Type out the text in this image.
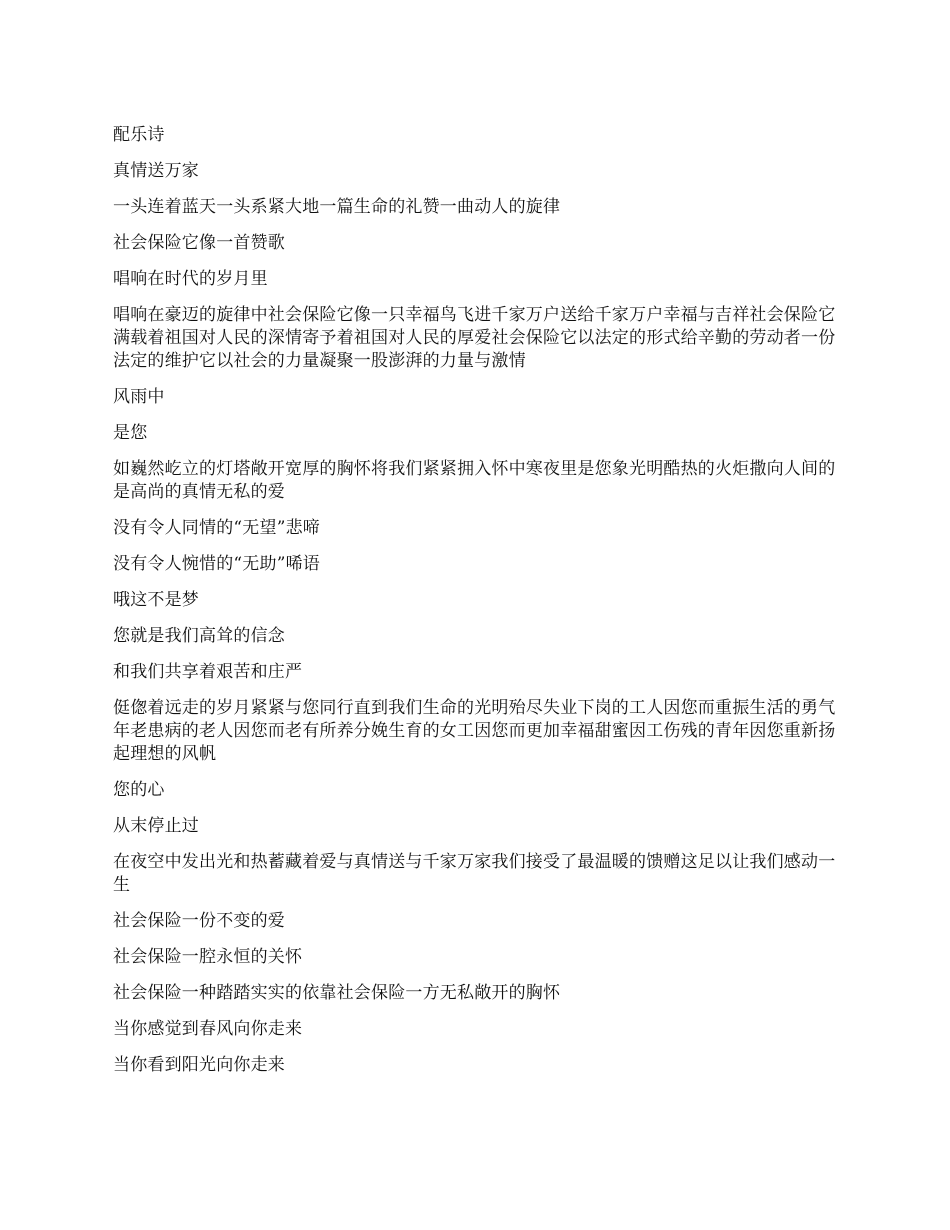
配乐诗

真情送万家

一头连着蓝天一头系紧大地一篇生命的礼赞一曲动人的旋律

社会保险它像一首赞歌

唱响在时代的岁月里

唱响在豪迈的旋律中社会保险它像一只幸福鸟飞进千家万户送给千家万户幸福与吉祥社会保险它满载着祖国对人民的深情寄予着祖国对人民的厚爱社会保险它以法定的形式给辛勤的劳动者一份法定的维护它以社会的力量凝聚一股澎湃的力量与激情

风雨中

是您

如巍然屹立的灯塔敞开宽厚的胸怀将我们紧紧拥入怀中寒夜里是您象光明酷热的火炬撒向人间的是高尚的真情无私的爱

没有令人同情的“无望”悲啼

没有令人惋惜的“无助”唏语

哦这不是梦

您就是我们高耸的信念

和我们共享着艰苦和庄严

侹偬着远走的岁月紧紧与您同行直到我们生命的光明殆尽失业下岗的工人因您而重振生活的勇气年老患病的老人因您而老有所养分娩生育的女工因您而更加幸福甜蜜因工伤残的青年因您重新扬起理想的风帆

您的心

从末停止过

在夜空中发出光和热蓄藏着爱与真情送与千家万家我们接受了最温暖的馈赠这足以让我们感动一生

社会保险一份不变的爱

社会保险一腔永恒的关怀

社会保险一种踏踏实实的依靠社会保险一方无私敞开的胸怀

当你感觉到春风向你走来

当你看到阳光向你走来
